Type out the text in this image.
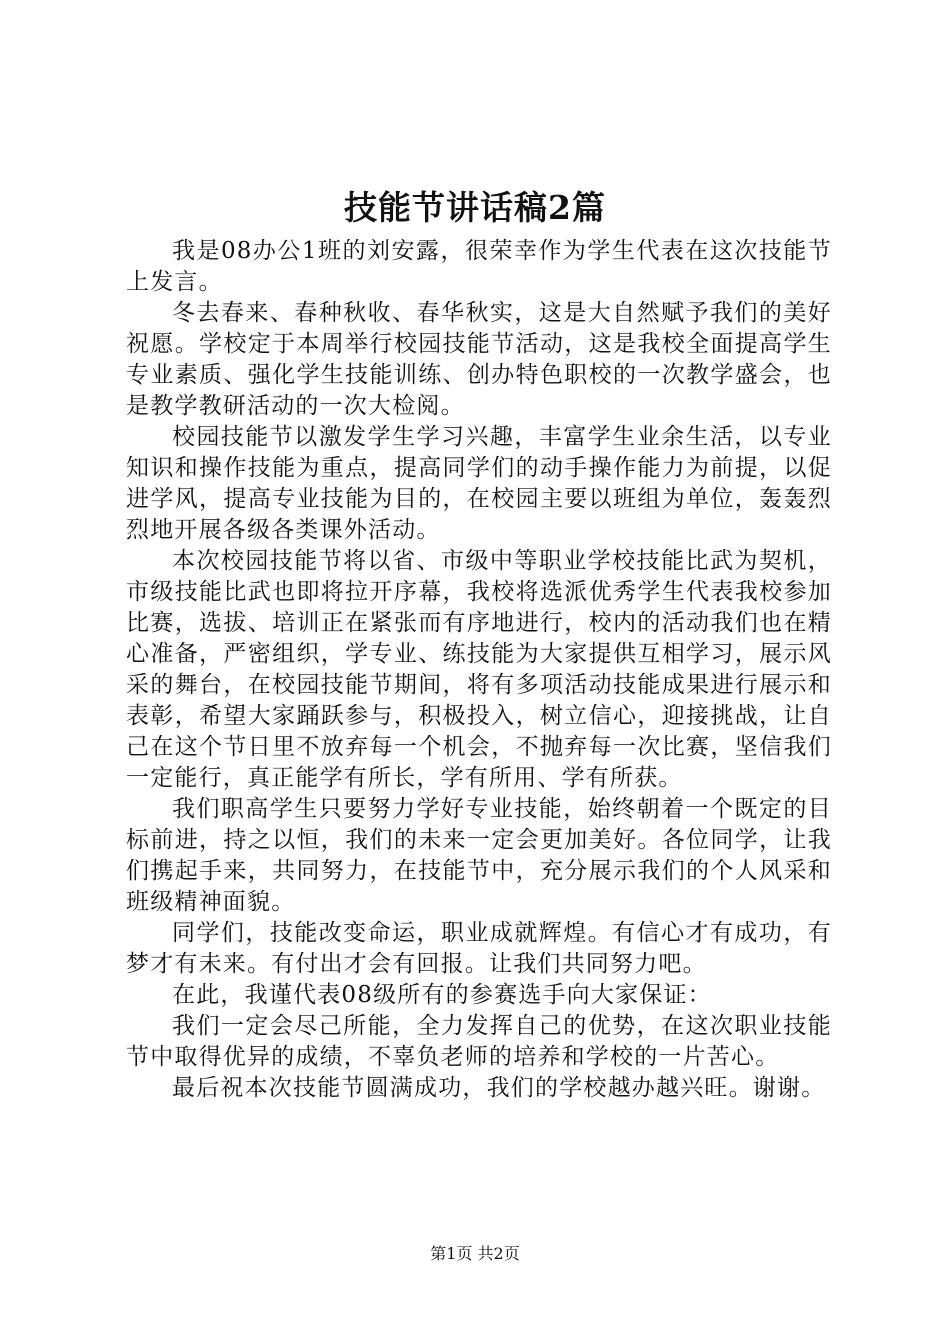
技能节讲话稿2篇

我是08办公1班的刘安露，很荣幸作为学生代表在这次技能节上发言。

冬去春来、春种秋收、春华秋实，这是大自然赋予我们的美好祝愿。学校定于本周举行校园技能节活动，这是我校全面提高学生专业素质、强化学生技能训练、创办特色职校的一次教学盛会，也是教学教研活动的一次大检阅。

校园技能节以激发学生学习兴趣，丰富学生业余生活，以专业知识和操作技能为重点，提高同学们的动手操作能力为前提，以促进学风，提高专业技能为目的，在校园主要以班组为单位，轰轰烈烈地开展各级各类课外活动。

本次校园技能节将以省、市级中等职业学校技能比武为契机，市级技能比武也即将拉开序幕，我校将选派优秀学生代表我校参加比赛，选拔、培训正在紧张而有序地进行，校内的活动我们也在精心准备，严密组织，学专业、练技能为大家提供互相学习，展示风采的舞台，在校园技能节期间，将有多项活动技能成果进行展示和表彰，希望大家踊跃参与，积极投入，树立信心，迎接挑战，让自己在这个节日里不放弃每一个机会，不抛弃每一次比赛，坚信我们一定能行，真正能学有所长，学有所用、学有所获。

我们职高学生只要努力学好专业技能，始终朝着一个既定的目标前进，持之以恒，我们的未来一定会更加美好。各位同学，让我们携起手来，共同努力，在技能节中，充分展示我们的个人风采和班级精神面貌。

同学们，技能改变命运，职业成就辉煌。有信心才有成功，有梦才有未来。有付出才会有回报。让我们共同努力吧。

在此，我谨代表08级所有的参赛选手向大家保证：

我们一定会尽己所能，全力发挥自己的优势，在这次职业技能节中取得优异的成绩，不辜负老师的培养和学校的一片苦心。

最后祝本次技能节圆满成功，我们的学校越办越兴旺。谢谢。

第1页 共2页
